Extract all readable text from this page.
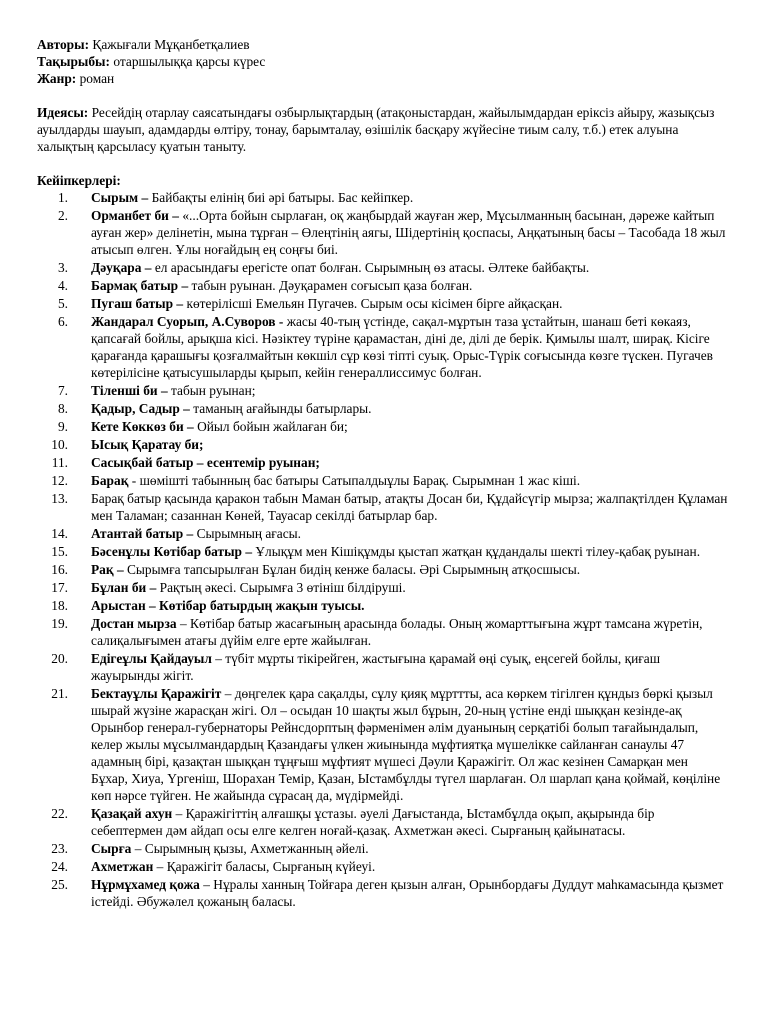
Авторы: Қажығали Мұқанбетқалиев

Тақырыбы: отаршылыққа қарсы күрес

Жанр: роман

Идеясы: Ресейдің отарлау саясатындағы озбырлықтардың (атақоныстардан, жайылымдардан еріксіз айыру, жазықсыз ауылдарды шауып, адамдарды өлтіру, тонау, барымталау, өзішілік басқару жүйесіне тиым салу, т.б.) етек алуына халықтың қарсыласу қуатын таныту.

Кейіпкерлері:
1.	Сырым – Байбақты елінің биі әрі батыры. Бас кейіпкер.
2.	Орманбет би – «...Орта бойын сырлаған, оқ жаңбырдай жауған жер, Мұсылманның басынан, дәреже кайтып ауған жер» делінетін, мына тұрған – Өлеңтінің аягы, Шідертінің қоспасы, Аңқатының басы – Тасобада 18 жыл атысып өлген. Ұлы ноғайдың ең соңғы биі.
3.	Дәуқара – ел арасындағы ерегісте опат болған. Сырымның өз атасы. Әлтеке байбақты.
4.	Бармақ батыр – табын руынан. Дәуқарамен соғысып қаза болған.
5.	Пугаш батыр – көтерілісші Емельян Пугачев. Сырым осы кісімен бірге айқасқан.
6.	Жандарал Суорып, А.Суворов - жасы 40-тың үстінде, сақал-мұртын таза ұстайтын, шанаш беті көкаяз, қапсағай бойлы, арықша кісі. Нәзіктеу түріне қарамастан, діні де, ділі де берік. Қимылы шалт, ширақ. Кісіге қарағанда қарашығы қозғалмайтын көкшіл сұр көзі тіпті суық. Орыс-Түрік соғысында көзге түскен. Пугачев көтерілісіне қатысушыларды қырып, кейін генераллиссимус болған.
7.	Тіленші би – табын руынан;
8.	Қадыр, Садыр – таманың ағайынды батырлары.
9.	Кете Көккөз би – Ойыл бойын жайлаған би;
10.	Ысық Қаратау би;
11.	Сасықбай батыр – есентемір руынан;
12.	Барақ - шөмішті табынның бас батыры Сатыпалдыұлы Барақ. Сырымнан 1 жас кіші.
13.	Барақ батыр қасында қаракон табын Маман батыр, атақты Досан би, Құдайсүгір мырза; жалпақтілден Құламан мен Таламан; сазаннан Көней, Тауасар секілді батырлар бар.
14.	Атантай батыр – Сырымның ағасы.
15.	Бәсенұлы Көтібар батыр – Ұлықұм мен Кішіқұмды қыстап жатқан құдандалы шекті тілеу-қабақ руынан.
16.	Рақ – Сырымға тапсырылған Бұлан бидің кенже баласы. Әрі Сырымның атқосшысы.
17.	Бұлан би – Рақтың әкесі. Сырымға 3 өтініш білдіруші.
18.	Арыстан – Көтібар батырдың жақын туысы.
19.	Достан мырза – Көтібар батыр жасағының арасында болады. Оның жомарттығына жұрт тамсана жүретін, салиқалығымен атағы дүйім елге ерте жайылған.
20.	Едігеұлы Қайдауыл – түбіт мұрты тікірейген, жастығына қарамай өңі суық, еңсегей бойлы, қиғаш жауырынды жігіт.
21.	Бектауұлы Қаражігіт – дөңгелек қара сақалды, сұлу қияқ мұрттты, аса көркем тігілген құндыз бөркі қызыл шырай жүзіне жарасқан жігі. Ол – осыдан 10 шақты жыл бұрын, 20-ның үстіне енді шыққан кезінде-ақ Орынбор генерал-губернаторы Рейнсдорптың фәрменімен әлім дуанының серқатібі болып тағайындалып, келер жылы мұсылмандардың Қазандағы үлкен жиынында мұфтиятқа мүшелікке сайланған санаулы 47 адамның бірі, қазақтан шыққан тұңғыш мұфтият мүшесі Дәули Қаражігіт. Ол жас кезінен Самарқан мен Бұхар, Хиуа, Үргеніш, Шорахан Темір, Қазан, Ыстамбұлды түгел шарлаған. Ол шарлап қана қоймай, көңіліне көп нәрсе түйген. Не жайында сұрасаң да, мүдірмейді.
22.	Қазақай ахун – Қаражігіттің алғашқы ұстазы. әуелі Дағыстанда, Ыстамбұлда оқып, ақырында бір себептермен дәм айдап осы елге келген ноғай-қазақ. Ахметжан әкесі. Сырғаның қайынатасы.
23.	Сырға – Сырымның қызы, Ахметжанның әйелі.
24.	Ахметжан – Қаражігіт баласы, Сырғаның күйеуі.
25.	Нұрмұхамед қожа – Нұралы ханның Тойғара деген қызын алған, Орынбордағы Дуддут маһкамасында қызмет істейді. Әбужәлел қожаның баласы.
